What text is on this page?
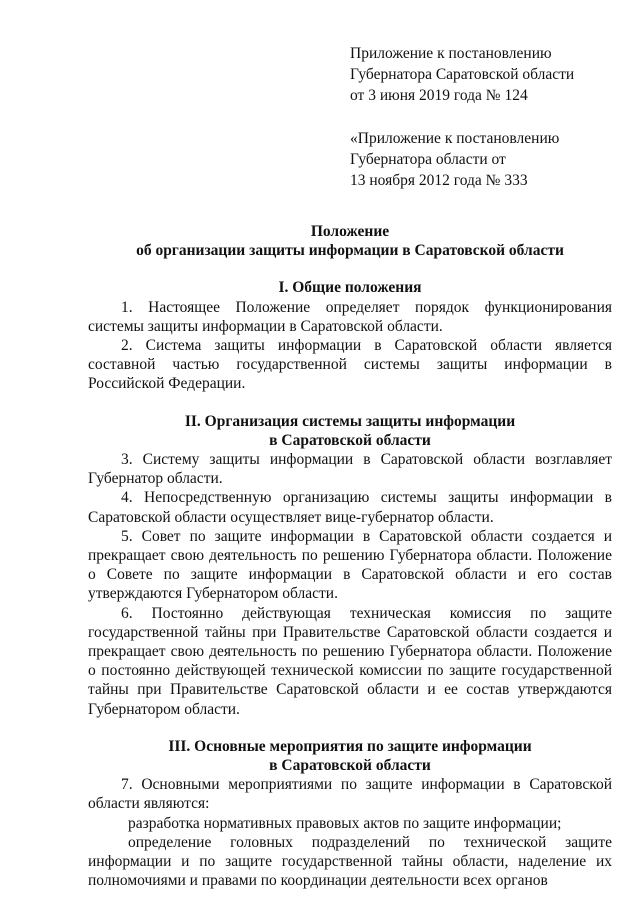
Приложение к постановлению
Губернатора Саратовской области
от 3 июня 2019 года № 124
«Приложение к постановлению
Губернатора области от
13 ноября 2012 года № 333
Положение
об организации защиты информации в Саратовской области
I. Общие положения

1. Настоящее Положение определяет порядок функционирования системы защиты информации в Саратовской области.

2. Система защиты информации в Саратовской области является составной частью государственной системы защиты информации в Российской Федерации.

II. Организация системы защиты информации
в Саратовской области

3. Систему защиты информации в Саратовской области возглавляет Губернатор области.

4. Непосредственную организацию системы защиты информации в Саратовской области осуществляет вице-губернатор области.

5. Совет по защите информации в Саратовской области создается и прекращает свою деятельность по решению Губернатора области. Положение о Совете по защите информации в Саратовской области и его состав утверждаются Губернатором области.

6. Постоянно действующая техническая комиссия по защите государственной тайны при Правительстве Саратовской области создается и прекращает свою деятельность по решению Губернатора области. Положение о постоянно действующей технической комиссии по защите государственной тайны при Правительстве Саратовской области и ее состав утверждаются Губернатором области.

III. Основные мероприятия по защите информации
в Саратовской области

7. Основными мероприятиями по защите информации в Саратовской области являются:

разработка нормативных правовых актов по защите информации;

определение головных подразделений по технической защите информации и по защите государственной тайны области, наделение их полномочиями и правами по координации деятельности всех органов
